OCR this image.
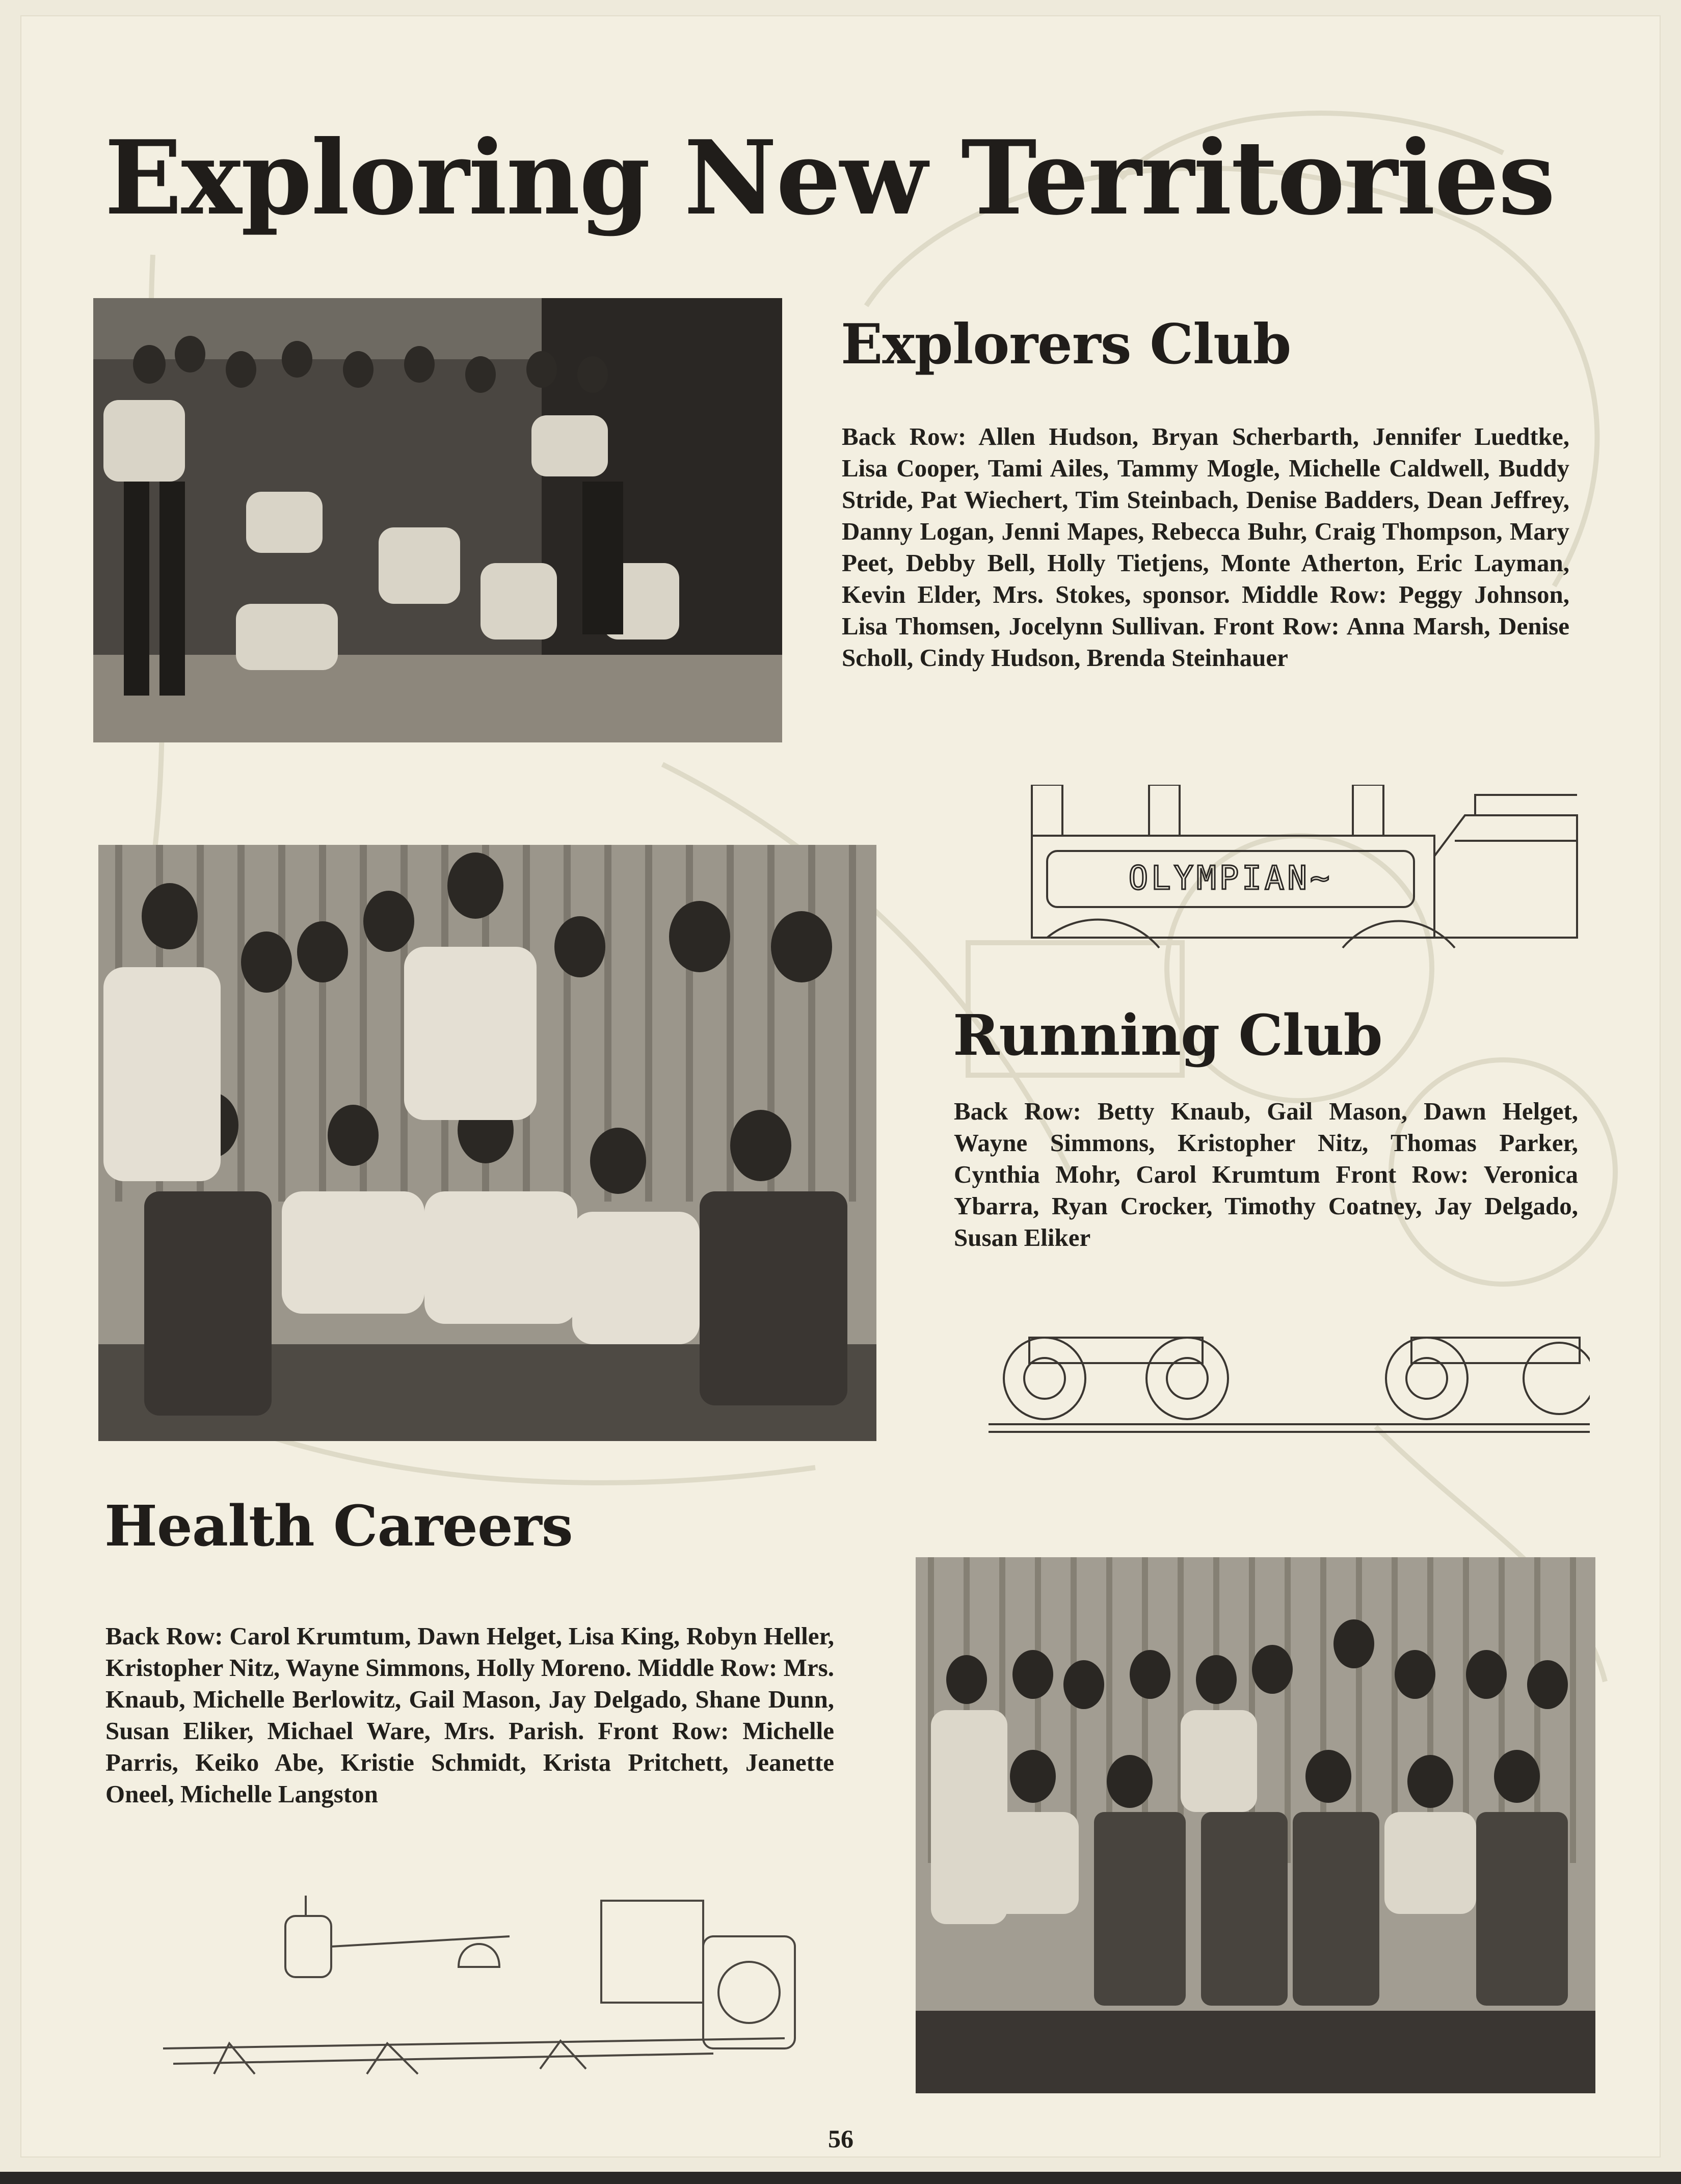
Exploring New Territories
Explorers Club

Back Row: Allen Hudson, Bryan Scherbarth, Jennifer Luedtke, Lisa Cooper, Tami Ailes, Tammy Mogle, Michelle Caldwell, Buddy Stride, Pat Wiechert, Tim Steinbach, Denise Badders, Dean Jeffrey, Danny Logan, Jenni Mapes, Rebecca Buhr, Craig Thompson, Mary Peet, Debby Bell, Holly Tietjens, Monte Atherton, Eric Layman, Kevin Elder, Mrs. Stokes, sponsor. Middle Row: Peggy Johnson, Lisa Thomsen, Jocelynn Sullivan. Front Row: Anna Marsh, Denise Scholl, Cindy Hudson, Brenda Steinhauer

OLYMPIAN~
Running Club

Back Row: Betty Knaub, Gail Mason, Dawn Helget, Wayne Simmons, Kristopher Nitz, Thomas Parker, Cynthia Mohr, Carol Krumtum Front Row: Veronica Ybarra, Ryan Crocker, Timothy Coatney, Jay Delgado, Susan Eliker

Health Careers

Back Row: Carol Krumtum, Dawn Helget, Lisa King, Robyn Heller, Kristopher Nitz, Wayne Simmons, Holly Moreno. Middle Row: Mrs. Knaub, Michelle Berlowitz, Gail Mason, Jay Delgado, Shane Dunn, Susan Eliker, Michael Ware, Mrs. Parish. Front Row: Michelle Parris, Keiko Abe, Kristie Schmidt, Krista Pritchett, Jeanette Oneel, Michelle Langston

56
